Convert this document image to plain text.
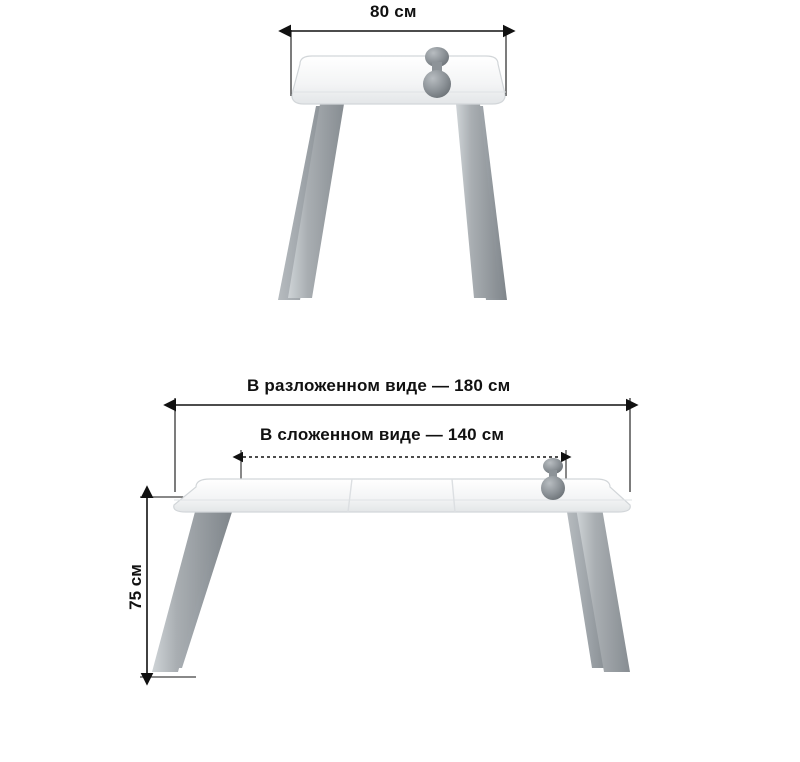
80 см
В разложенном виде — 180 см
В сложенном виде — 140 см
75 см
